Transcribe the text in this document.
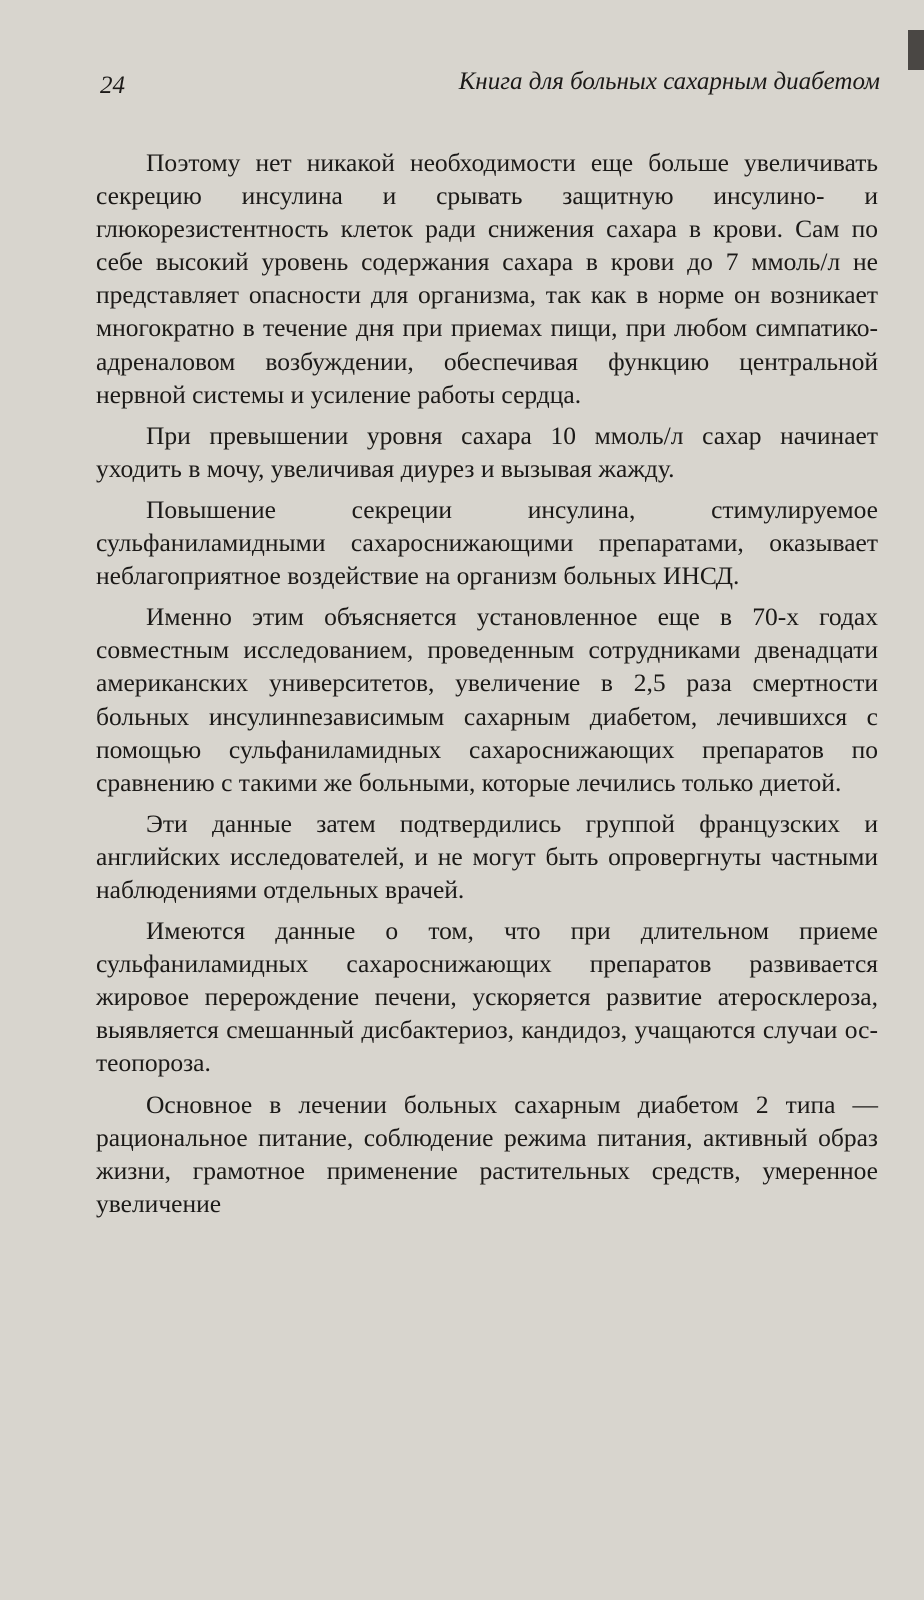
24	Книга для больных сахарным диабетом

Поэтому нет никакой необходимости еще больше увеличивать секрецию инсулина и срывать защитную инсулино- и глюкорезистентность клеток ради снижения сахара в крови. Сам по себе высокий уровень содержания сахара в крови до 7 ммоль/л не представляет опасности для организма, так как в норме он возникает многократно в течение дня при приемах пищи, при любом симпатико-адреналовом возбуждении, обеспечивая функцию центральной нервной системы и усиление работы сердца.

При превышении уровня сахара 10 ммоль/л сахар начинает уходить в мочу, увеличивая диурез и вызывая жажду.

Повышение секреции инсулина, стимулируемое сульфаниламидными сахароснижающими препаратами, оказывает неблагоприятное воздействие на организм больных ИНСД.

Именно этим объясняется установленное еще в 70-х годах совместным исследованием, проведенным сотрудниками двенадцати американских университетов, увеличение в 2,5 раза смертности больных инсулинneзависимым сахарным диабетом, лечившихся с помощью сульфаниламидных сахароснижающих препаратов по сравнению с такими же больными, которые лечились только диетой.

Эти данные затем подтвердились группой французских и английских исследователей, и не могут быть опровергнуты частными наблюдениями отдельных врачей.

Имеются данные о том, что при длительном приеме сульфаниламидных сахароснижающих препаратов развивается жировое перерождение печени, ускоряется развитие атеросклероза, выявляется смешанный дисбактериоз, кандидоз, учащаются случаи остеопороза.

Основное в лечении больных сахарным диабетом 2 типа — рациональное питание, соблюдение режима питания, активный образ жизни, грамотное применение растительных средств, умеренное увеличение
